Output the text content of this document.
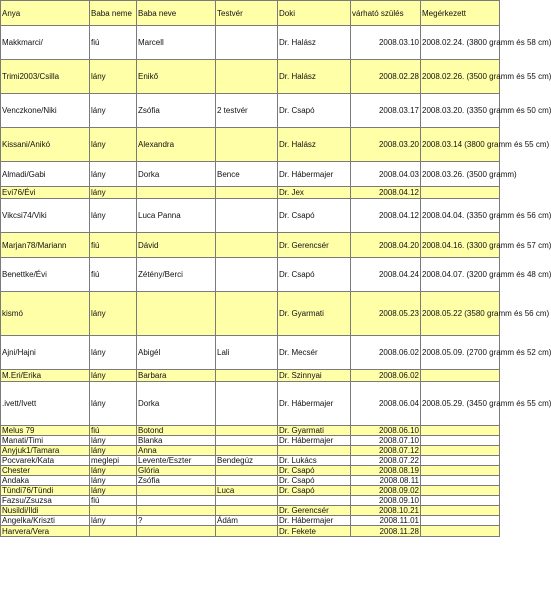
Anya	Baba neme	Baba neve	Testvér	Doki	várható szülés	Megérkezett
Makkmarci/	fiú	Marcell		Dr. Halász	2008.03.10	2008.02.24. (3800 gramm és 58 cm)
Trimi2003/Csilla	lány	Enikő		Dr. Halász	2008.02.28	2008.02.26. (3500 gramm és 55 cm)
Venczkone/Niki	lány	Zsófia	2 testvér	Dr. Csapó	2008.03.17	2008.03.20. (3350 gramm és 50 cm)
Kissani/Anikó	lány	Alexandra		Dr. Halász	2008.03.20	2008.03.14 (3800 gramm és 55 cm)
Almadi/Gabi	lány	Dorka	Bence	Dr. Hábermajer	2008.04.03	2008.03.26. (3500 gramm)
Evi76/Évi	lány			Dr. Jex	2008.04.12	
Vikcsi74/Viki	lány	Luca Panna		Dr. Csapó	2008.04.12	2008.04.04. (3350 gramm és 56 cm)
Marjan78/Mariann	fiú	Dávid		Dr. Gerencsér	2008.04.20	2008.04.16. (3300 gramm és 57 cm)
Benettke/Évi	fiú	Zétény/Berci		Dr. Csapó	2008.04.24	2008.04.07. (3200 gramm és 48 cm)
kismó	lány			Dr. Gyarmati	2008.05.23	2008.05.22 (3580 gramm és 56 cm)
Ajni/Hajni	lány	Abigél	Lali	Dr. Mecsér	2008.06.02	2008.05.09. (2700 gramm és 52 cm)
M.Eri/Erika	lány	Barbara		Dr. Szinnyai	2008.06.02	
.ivett/Ivett	lány	Dorka		Dr. Hábermajer	2008.06.04	2008.05.29. (3450 gramm és 55 cm)
Melus 79	fiú	Botond		Dr. Gyarmati	2008.06.10	
Manati/Timi	lány	Blanka		Dr. Hábermajer	2008.07.10	
Anyjuk1/Tamara	lány	Anna			2008.07.12	
Pocvarek/Kata	meglepi	Levente/Eszter	Bendegúz	Dr. Lukács	2008.07.22	
Chester	lány	Glória		Dr. Csapó	2008.08.19	
Andaka	lány	Zsófia		Dr. Csapó	2008.08.11	
Tündi76/Tündi	lány		Luca	Dr. Csapó	2008.09.02	
Fazsu/Zsuzsa	fiú				2008.09.10	
Nusildi/Ildi				Dr. Gerencsér	2008.10.21	
Angelka/Kriszti	lány	?	Ádám	Dr. Hábermajer	2008.11.01	
Harvera/Vera				Dr. Fekete	2008.11.28	
